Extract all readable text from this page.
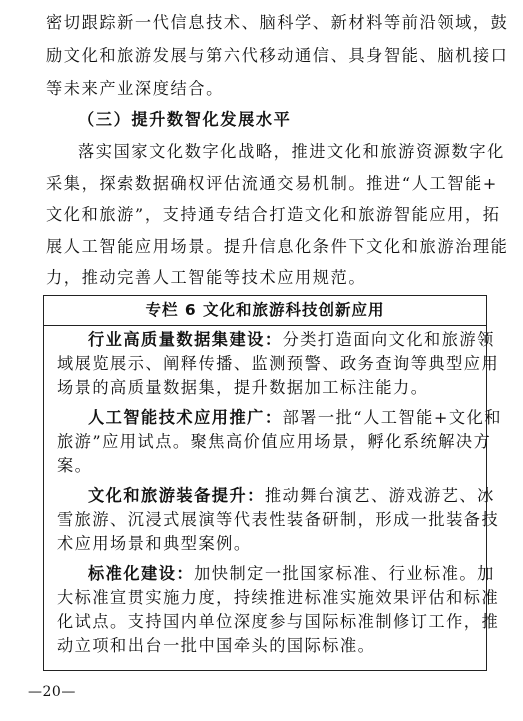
密切跟踪新一代信息技术、脑科学、新材料等前沿领域，鼓
励文化和旅游发展与第六代移动通信、具身智能、脑机接口
等未来产业深度结合。
（三）提升数智化发展水平
落实国家文化数字化战略，推进文化和旅游资源数字化
采集，探索数据确权评估流通交易机制。推进“人工智能+
文化和旅游”，支持通专结合打造文化和旅游智能应用，拓
展人工智能应用场景。提升信息化条件下文化和旅游治理能
力，推动完善人工智能等技术应用规范。
专栏 6 文化和旅游科技创新应用
行业高质量数据集建设：分类打造面向文化和旅游领
域展览展示、阐释传播、监测预警、政务查询等典型应用
场景的高质量数据集，提升数据加工标注能力。
人工智能技术应用推广：部署一批“人工智能+文化和
旅游”应用试点。聚焦高价值应用场景，孵化系统解决方
案。
文化和旅游装备提升：推动舞台演艺、游戏游艺、冰
雪旅游、沉浸式展演等代表性装备研制，形成一批装备技
术应用场景和典型案例。
标准化建设：加快制定一批国家标准、行业标准。加
大标准宣贯实施力度，持续推进标准实施效果评估和标准
化试点。支持国内单位深度参与国际标准制修订工作，推
动立项和出台一批中国牵头的国际标准。
—20—
